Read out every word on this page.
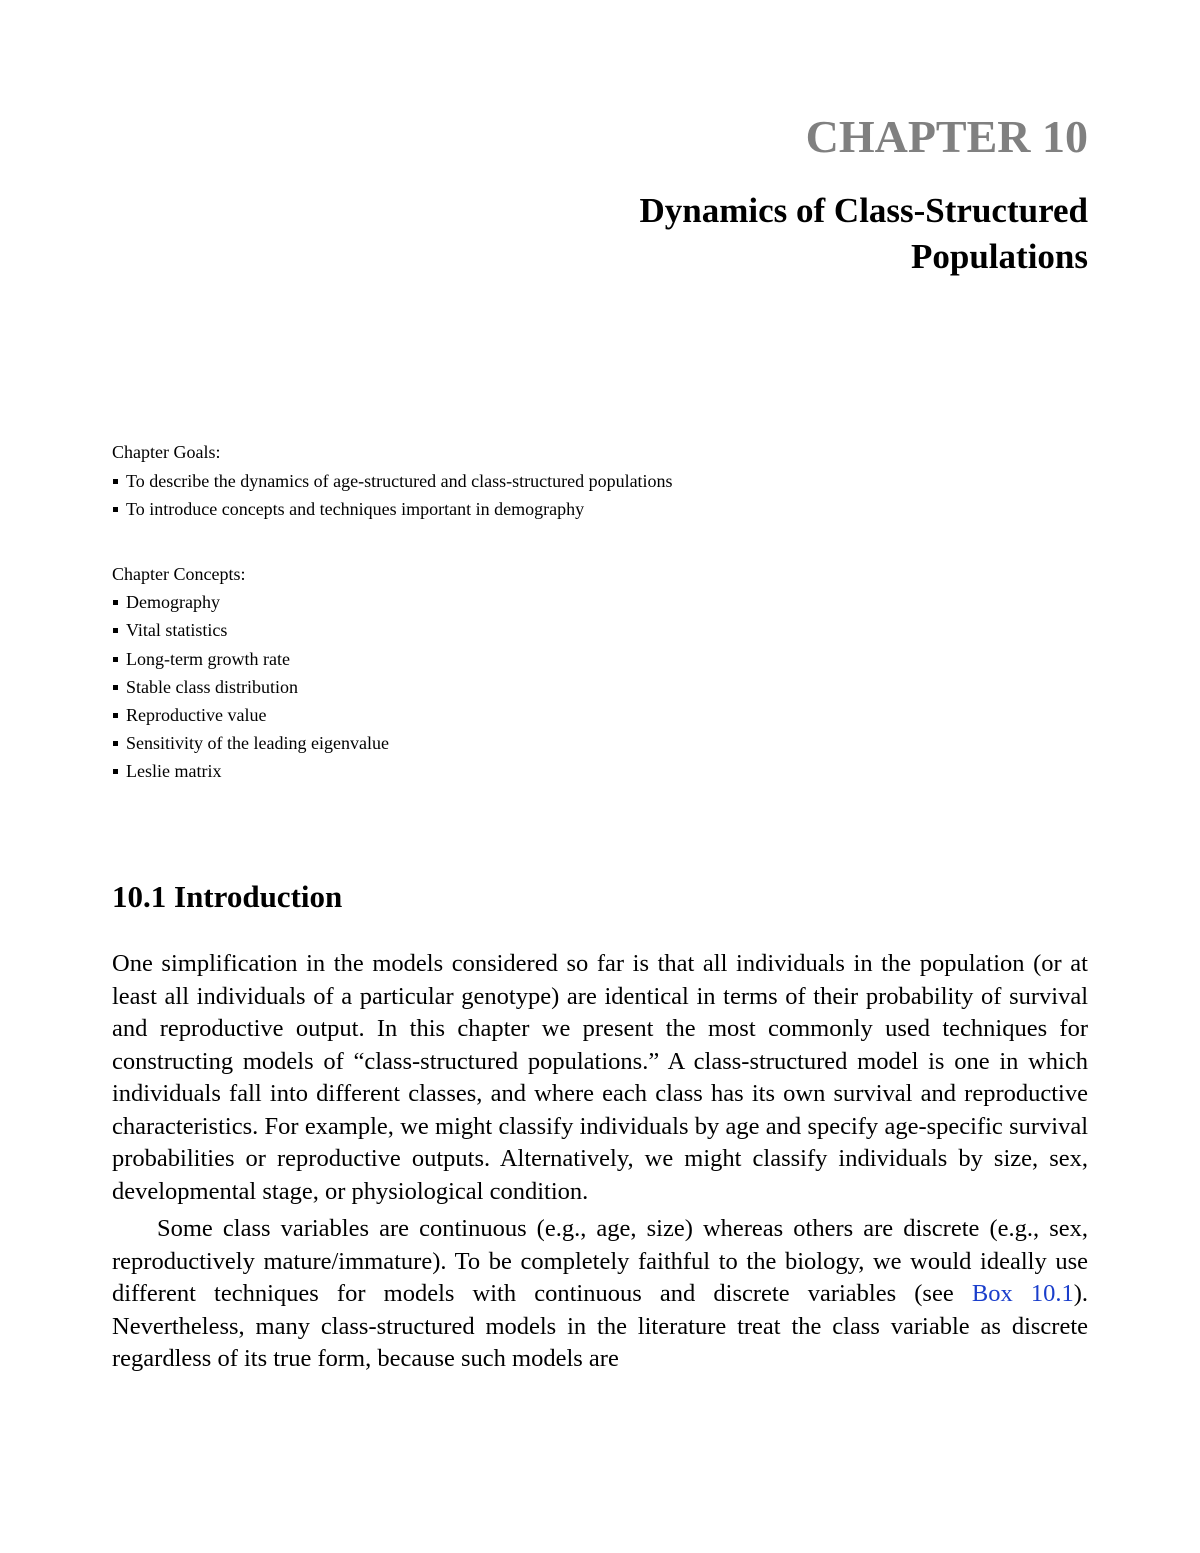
CHAPTER 10
Dynamics of Class-Structured
Populations
Chapter Goals:
To describe the dynamics of age-structured and class-structured populations
To introduce concepts and techniques important in demography
Chapter Concepts:
Demography
Vital statistics
Long-term growth rate
Stable class distribution
Reproductive value
Sensitivity of the leading eigenvalue
Leslie matrix
10.1 Introduction

One simplification in the models considered so far is that all individuals in the population (or at least all individuals of a particular genotype) are identical in terms of their probability of survival and reproductive output. In this chapter we present the most commonly used techniques for constructing models of “class-structured populations.” A class-structured model is one in which individuals fall into different classes, and where each class has its own survival and reproductive characteristics. For example, we might classify individuals by age and specify age-specific survival probabilities or reproductive outputs. Alternatively, we might classify individuals by size, sex, developmental stage, or physiological condition.

Some class variables are continuous (e.g., age, size) whereas others are discrete (e.g., sex, reproductively mature/immature). To be completely faithful to the biology, we would ideally use different techniques for models with continuous and discrete variables (see Box 10.1). Nevertheless, many class-structured models in the literature treat the class variable as discrete regardless of its true form, because such models are
